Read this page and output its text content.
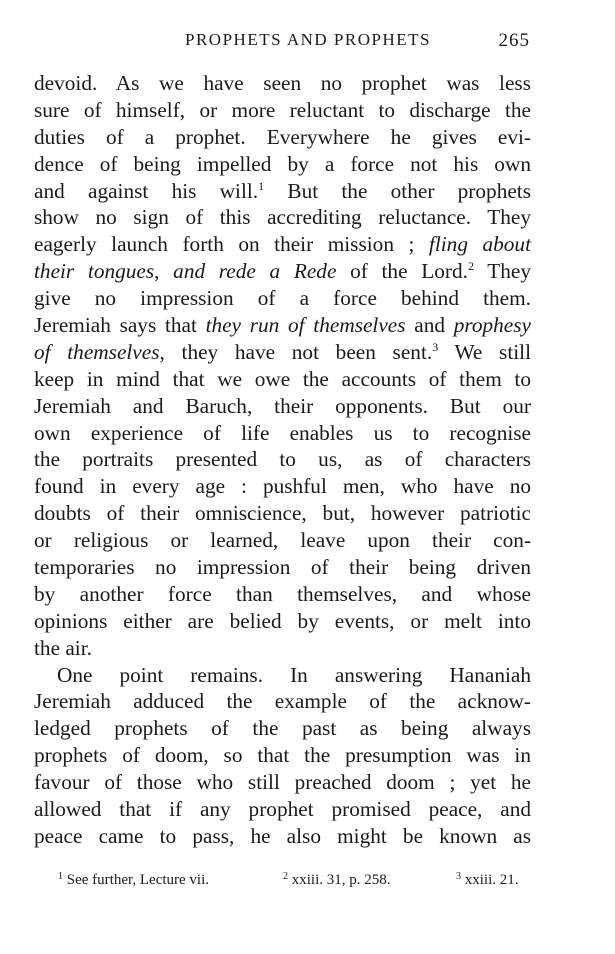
PROPHETS AND PROPHETS	265
devoid. As we have seen no prophet was less
sure of himself, or more reluctant to discharge the
duties of a prophet. Everywhere he gives evi-
dence of being impelled by a force not his own
and against his will.$^1$ But the other prophets
show no sign of this accrediting reluctance. They
eagerly launch forth on their mission ; fling about
their tongues, and rede a Rede of the Lord.$^2$ They
give no impression of a force behind them.
Jeremiah says that they run of themselves and prophesy
of themselves, they have not been sent.$^3$ We still
keep in mind that we owe the accounts of them to
Jeremiah and Baruch, their opponents. But our
own experience of life enables us to recognise
the portraits presented to us, as of characters
found in every age : pushful men, who have no
doubts of their omniscience, but, however patriotic
or religious or learned, leave upon their con-
temporaries no impression of their being driven
by another force than themselves, and whose
opinions either are belied by events, or melt into
the air.
One point remains. In answering Hananiah
Jeremiah adduced the example of the acknow-
ledged prophets of the past as being always
prophets of doom, so that the presumption was in
favour of those who still preached doom ; yet he
allowed that if any prophet promised peace, and
peace came to pass, he also might be known as
$^1$ See further, Lecture vii.	$^2$ xxiii. 31, p. 258.	$^3$ xxiii. 21.
